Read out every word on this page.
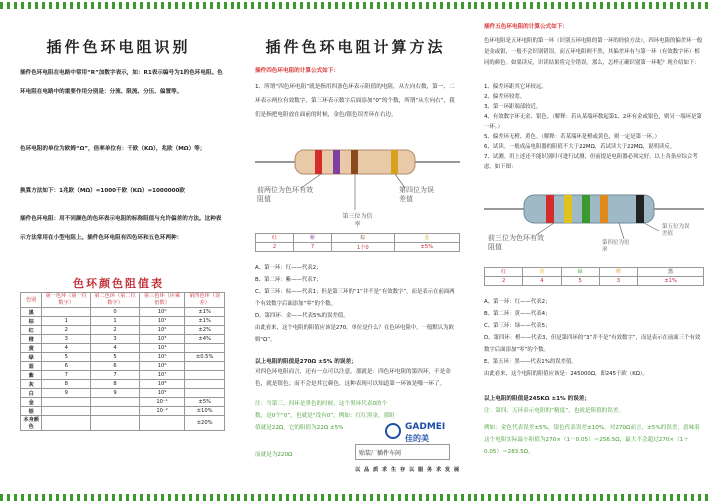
插件色环电阻识别
插件色环电阻在电路中常用“R”加数字表示，如：R1表示编号为1的色环电阻。色环电阻在电路中的重要作用分别是：分流、限流、分压、偏置等。
色环电阻的单位为欧姆“Ω”，倍率单位有：千欧（KΩ），兆欧（MΩ）等；
换算方法如下：1兆欧（MΩ）=1000千欧（KΩ）=1000000欧
插件色环电阻：用不同颜色的色环表示电阻的标称阻值与允许偏差的方法。这种表示方法常用在小型电阻上。插件色环电阻有四色环和五色环两种：
色环颜色阻值表
色别	第一色环（第一位数字）	第二色环（第二位数字）	第三色环（应乘倍数）	第四色环（误差）
黑		0	10⁰	±1%
棕	1	1	10¹	±1%
红	2	2	10²	±2%
橙	3	3	10³	±4%
黄	4	4	10⁴	
绿	5	5	10⁵	±0.5%
蓝	6	6	10⁶	
紫	7	7	10⁷	
灰	8	8	10⁸	
白	9	9	10⁹	
金			10⁻¹	±5%
银			10⁻²	±10%
本身颜色				±20%
插件色环电阻计算方法
插件四色环电阻的计算公式如下：
1、所谓“四色环电阻”就是指用四条色环表示阻值的电阻，从左向右数，第一、二环表示两位有效数字，第三环表示数字后面添加“0”的个数，所谓“从左向右”，我们是指把电阻放在面前的时候，金色/银色误差环在右边。
前两位为色环有效阻值
第三位为倍率
第四位为误差值
红	紫	棕	金
2	7	1个0	±5%
A、第一环：红——代表2；
B、第二环：紫——代表7；
C、第三环：棕——代表1；但是第三环的“1”并不是“有效数字”，而是表示在前面两个有效数字后面添加“零”的个数。
D、第四环：金——代表5%的误差值。
由此看来，这个电阻的阻值应该是270，单位是什么？在色环电阻中，一般默认为欧姆“Ω”。
以上电阻的阻值是270Ω ±5% 的误差；
对四色环电阻而言，还有一点可以注意，那就是：四色环电阻的第四环，不是金色，就是银色；而不会是其它颜色。这种表现可以知道第一环该是哪一环了。
注：当第三、四环是黑色的时候，这个黑环代表0的个数，是0个“0”，也就是“没有0”。例如：红红黑金，那阻值就是22Ω，它的阻值为22Ω ±5%
而就是为220Ω
GADMEI
佳的美
贴装厂插件车间
以 品 质 求 生 存 以 服 务 求 发 展
插件五色环电阻的计算公式如下：
色环电阻是五环电阻的第一环（识别五环电阻的第一环的经验方法），四环电阻的偏差环一般是金或银，一般不会识别错误，而五环电阻则不然，其偏差环有与第一环（有效数字环）相同的颜色。如果读反，识读结果将完全错误。那么，怎样正确识别第一环呢？现介绍如下：
1、偏差环距其它环较远。
2、偏差环较宽。
3、第一环距端部较近。
4、有效数字环无金、银色。（解释：若从某端环数起第1、2环有金或银色，则另一端环是第一环。）
5、偏差环无橙、黄色。（解释：若某端环是橙或黄色，则一定是第一环。）
6、试读。一般成品电阻器的阻值不大于22MΩ，若试读大于22MΩ，说明读反。
7、试测。用上述还不能识别时可进行试测，但前提是电阻器必须完好。以上各条应综合考虑。如下图：
前三位为色环有效阻值	第四位为倍率
第五位为误差值
红	黄	绿	橙	黑
2	4	5	3	±1%
A、第一环：红——代表2；
B、第二环：黄——代表4；
C、第三环：绿——代表5；
D、第四环：橙——代表3，但是第四环的“3”并不是“有效数字”，而是表示在前面三个有效数字后面添加“零”的个数。
E、第五环：黑——代表1%的误差值。
由此看来，这个电阻的阻值应该是：245000Ω，即245千欧（KΩ）。
以上电阻的阻值是245KΩ ±1% 的误差；
注：第四、五环表示电阻的“精度”，也就是阻值的误差。
例如：金色代表误差±5%，银色代表误差±10%。对270Ω而言，±5%的误差，意味着这个电阻实际最小阻值为270×（1－0.05）＝256.5Ω，最大不会超过270×（1＋0.05）＝283.5Ω。
